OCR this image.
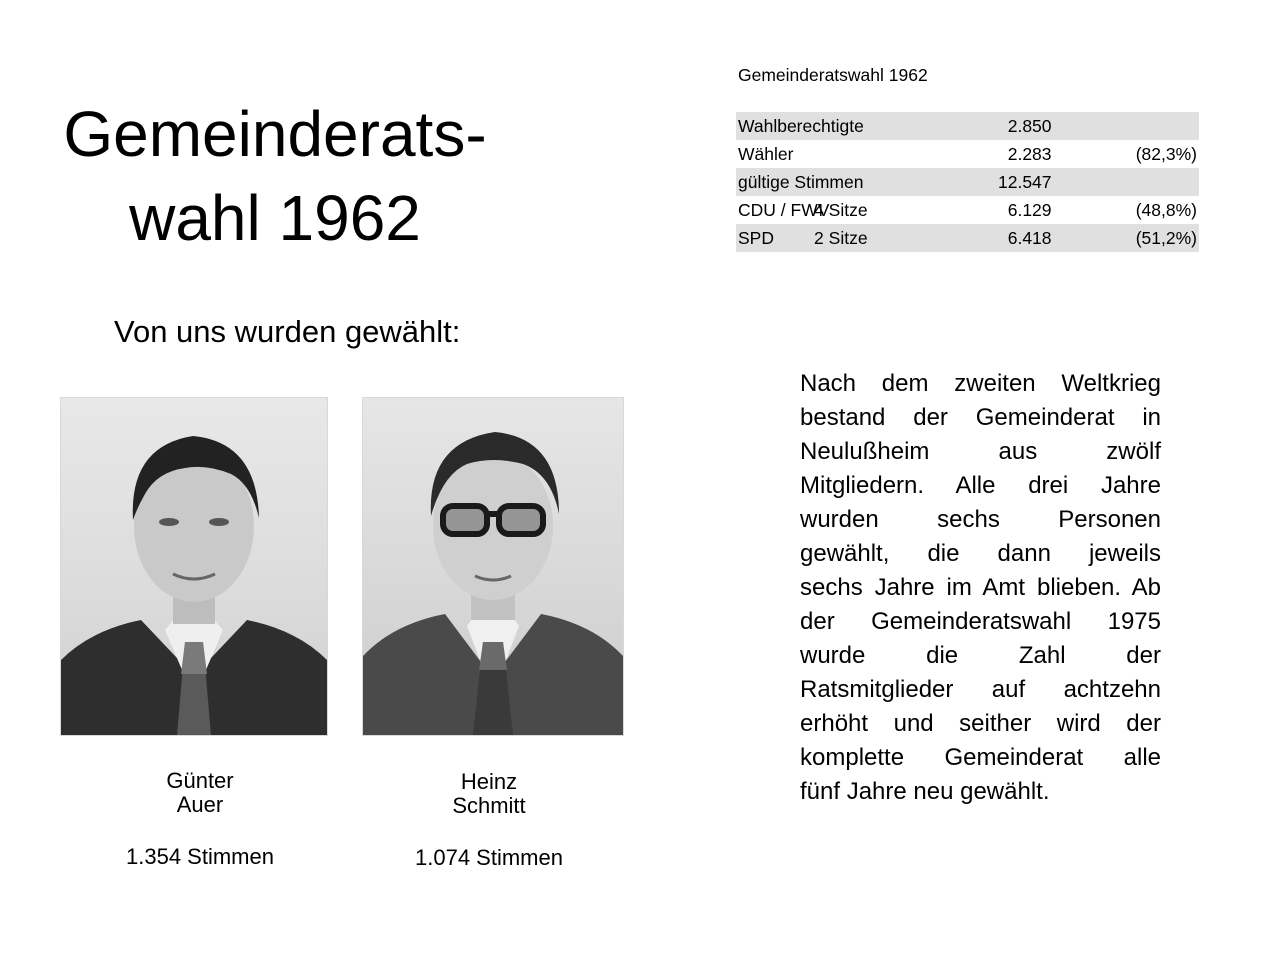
Gemeinderats-
wahl 1962
Von uns wurden gewählt:
Gemeinderatswahl 1962
Wahlberechtigte		2.850	
Wähler		2.283	(82,3%)
gültige Stimmen		12.547	
CDU / FWV	4 Sitze	6.129	(48,8%)
SPD	2 Sitze	6.418	(51,2%)
Günter
Auer
1.354 Stimmen
Heinz
Schmitt
1.074 Stimmen
Nach dem zweiten Weltkrieg
bestand der Gemeinderat in
Neulußheim aus zwölf
Mitgliedern. Alle drei Jahre
wurden sechs Personen
gewählt, die dann jeweils
sechs Jahre im Amt blieben. Ab
der Gemeinderatswahl 1975
wurde die Zahl der
Ratsmitglieder auf achtzehn
erhöht und seither wird der
komplette Gemeinderat alle
fünf Jahre neu gewählt.
